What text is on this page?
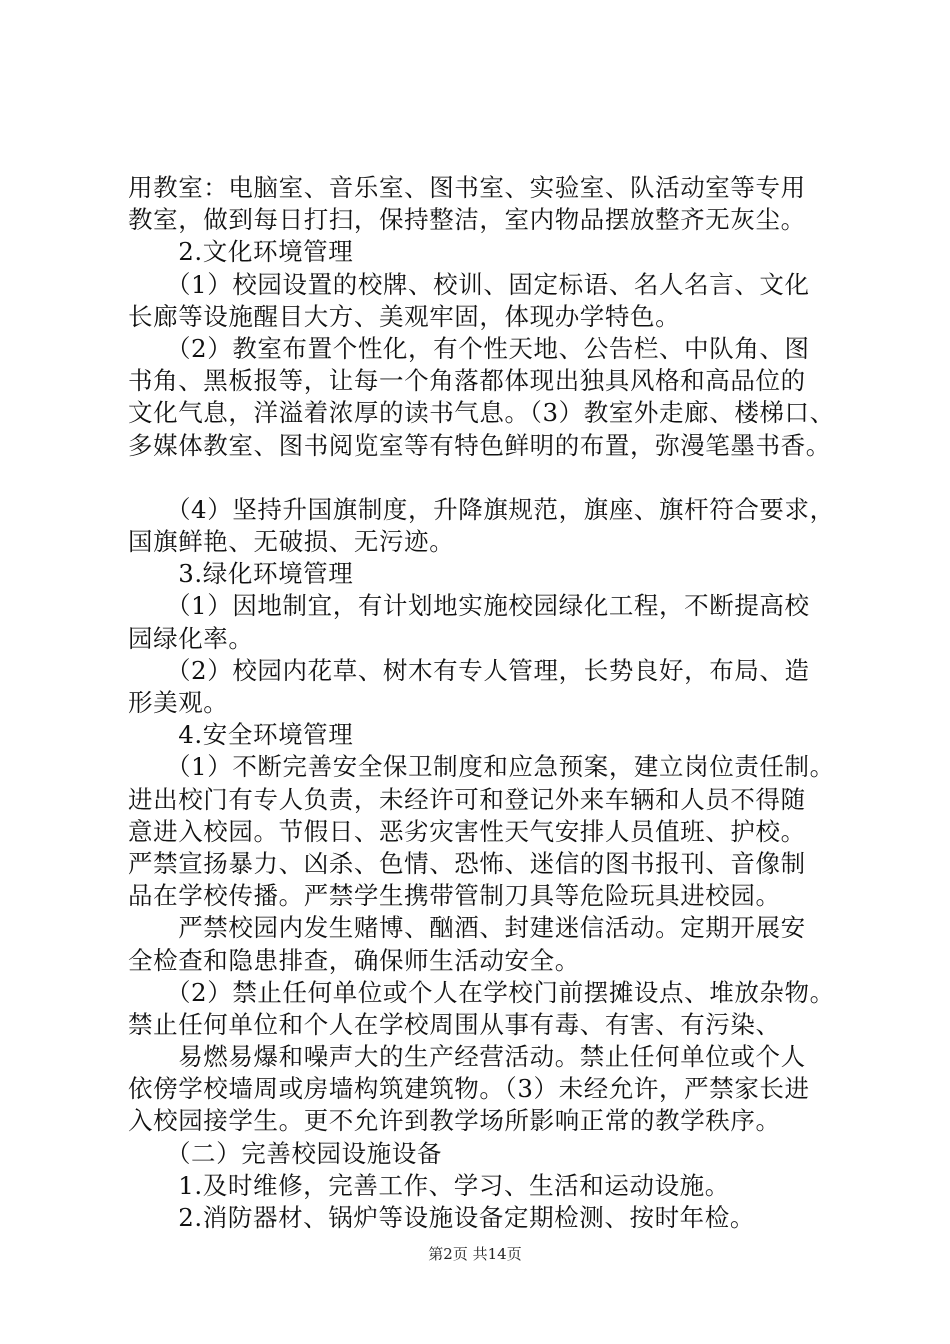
用教室：电脑室、音乐室、图书室、实验室、队活动室等专用
教室，做到每日打扫，保持整洁，室内物品摆放整齐无灰尘。
　　2.文化环境管理
　　（1）校园设置的校牌、校训、固定标语、名人名言、文化
长廊等设施醒目大方、美观牢固，体现办学特色。
　　（2）教室布置个性化，有个性天地、公告栏、中队角、图
书角、黑板报等，让每一个角落都体现出独具风格和高品位的
文化气息，洋溢着浓厚的读书气息。（3）教室外走廊、楼梯口、
多媒体教室、图书阅览室等有特色鲜明的布置，弥漫笔墨书香。
　　（4）坚持升国旗制度，升降旗规范，旗座、旗杆符合要求，
国旗鲜艳、无破损、无污迹。
　　3.绿化环境管理
　　（1）因地制宜，有计划地实施校园绿化工程，不断提高校
园绿化率。
　　（2）校园内花草、树木有专人管理，长势良好，布局、造
形美观。
　　4.安全环境管理
　　（1）不断完善安全保卫制度和应急预案，建立岗位责任制。
进出校门有专人负责，未经许可和登记外来车辆和人员不得随
意进入校园。节假日、恶劣灾害性天气安排人员值班、护校。
严禁宣扬暴力、凶杀、色情、恐怖、迷信的图书报刊、音像制
品在学校传播。严禁学生携带管制刀具等危险玩具进校园。
　　严禁校园内发生赌博、酗酒、封建迷信活动。定期开展安
全检查和隐患排查，确保师生活动安全。
　　（2）禁止任何单位或个人在学校门前摆摊设点、堆放杂物。
禁止任何单位和个人在学校周围从事有毒、有害、有污染、
　　易燃易爆和噪声大的生产经营活动。禁止任何单位或个人
依傍学校墙周或房墙构筑建筑物。（3）未经允许，严禁家长进
入校园接学生。更不允许到教学场所影响正常的教学秩序。
　　（二）完善校园设施设备
　　1.及时维修，完善工作、学习、生活和运动设施。
　　2.消防器材、锅炉等设施设备定期检测、按时年检。
第2页 共14页
